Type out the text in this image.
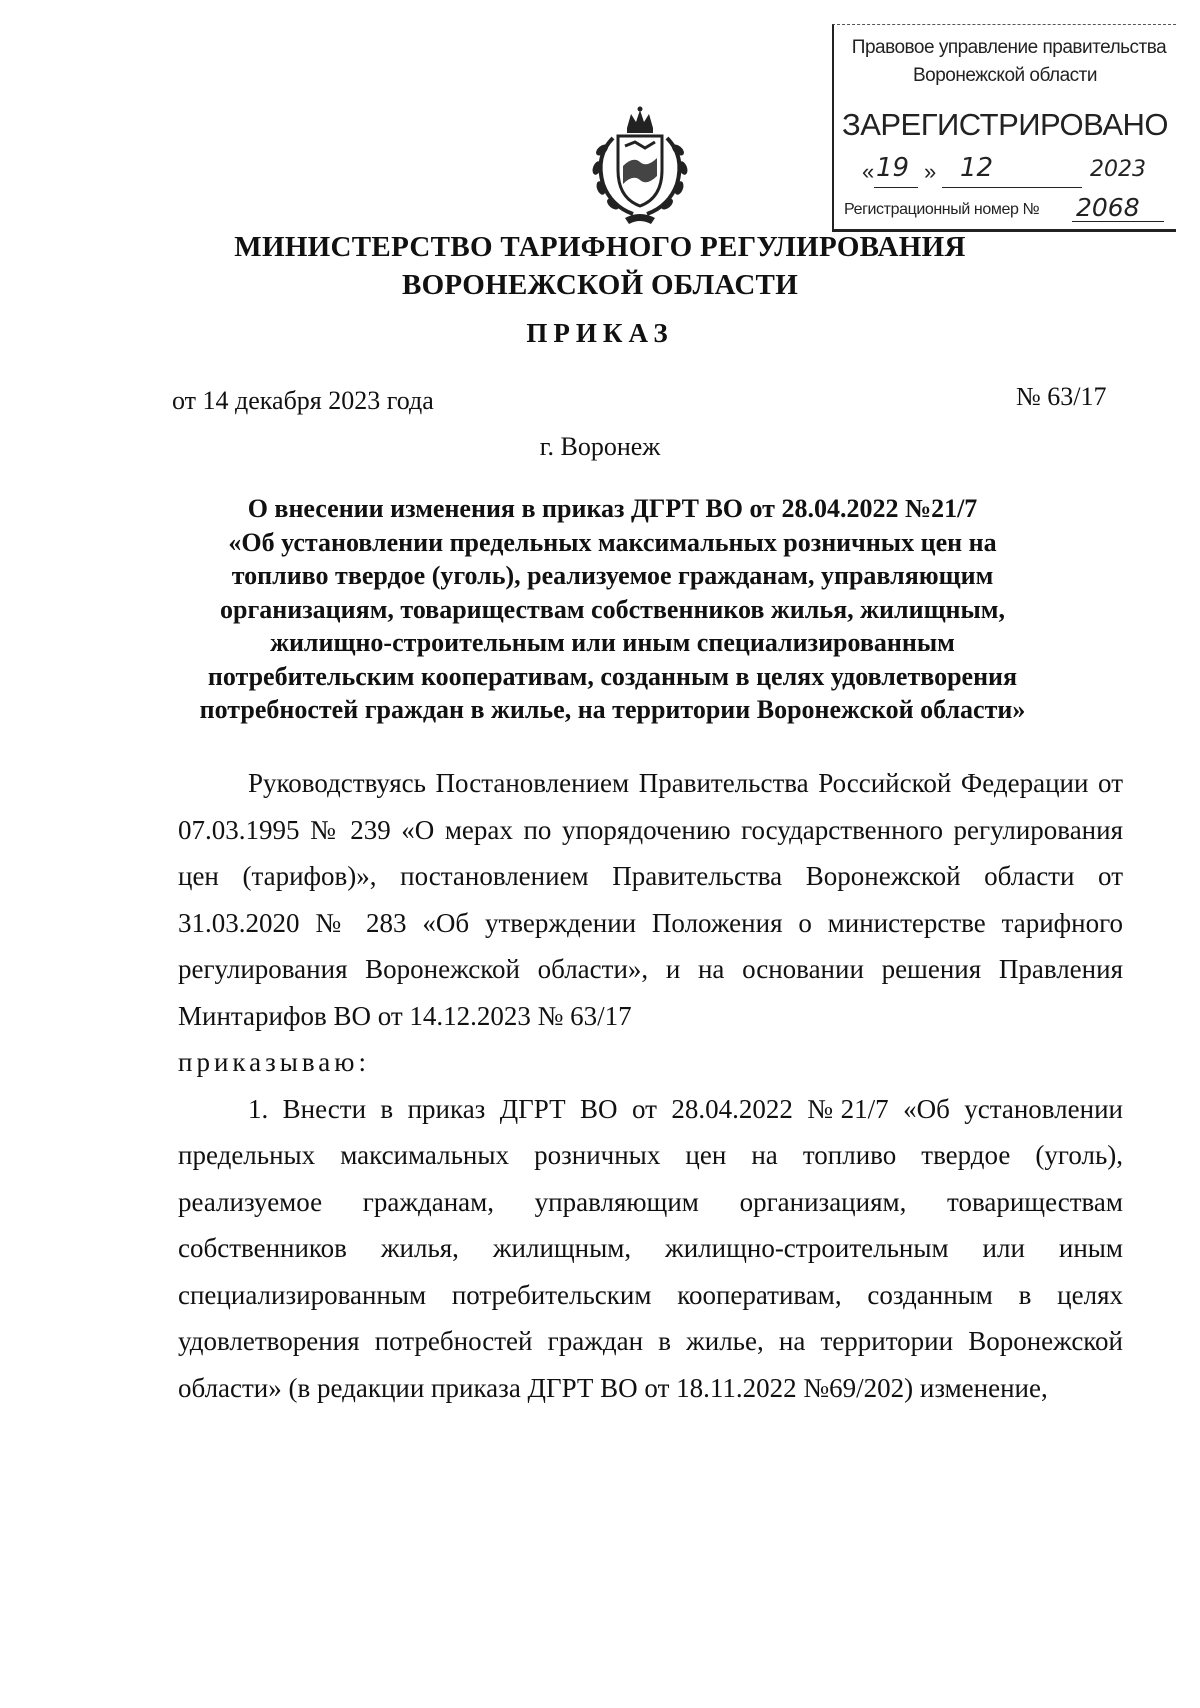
Правовое управление правительства
Воронежской области
ЗАРЕГИСТРИРОВАНО
« 19 » 12	2023
Регистрационный номер № 2068
МИНИСТЕРСТВО ТАРИФНОГО РЕГУЛИРОВАНИЯ
ВОРОНЕЖСКОЙ ОБЛАСТИ
ПРИКАЗ
от 14 декабря 2023 года	№ 63/17
г. Воронеж
О внесении изменения в приказ ДГРТ ВО от 28.04.2022 №21/7
«Об установлении предельных максимальных розничных цен на
топливо твердое (уголь), реализуемое гражданам, управляющим
организациям, товариществам собственников жилья, жилищным,
жилищно-строительным или иным специализированным
потребительским кооперативам, созданным в целях удовлетворения
потребностей граждан в жилье, на территории Воронежской области»

Руководствуясь Постановлением Правительства Российской Федерации от 07.03.1995 № 239 «О мерах по упорядочению государственного регулирования цен (тарифов)», постановлением Правительства Воронежской области от 31.03.2020 № 283 «Об утверждении Положения о министерстве тарифного регулирования Воронежской области», и на основании решения Правления Минтарифов ВО от 14.12.2023 № 63/17

приказываю:

1. Внести в приказ ДГРТ ВО от 28.04.2022 №21/7 «Об установлении предельных максимальных розничных цен на топливо твердое (уголь), реализуемое гражданам, управляющим организациям, товариществам собственников жилья, жилищным, жилищно-строительным или иным специализированным потребительским кооперативам, созданным в целях удовлетворения потребностей граждан в жилье, на территории Воронежской области» (в редакции приказа ДГРТ ВО от 18.11.2022 №69/202) изменение,
